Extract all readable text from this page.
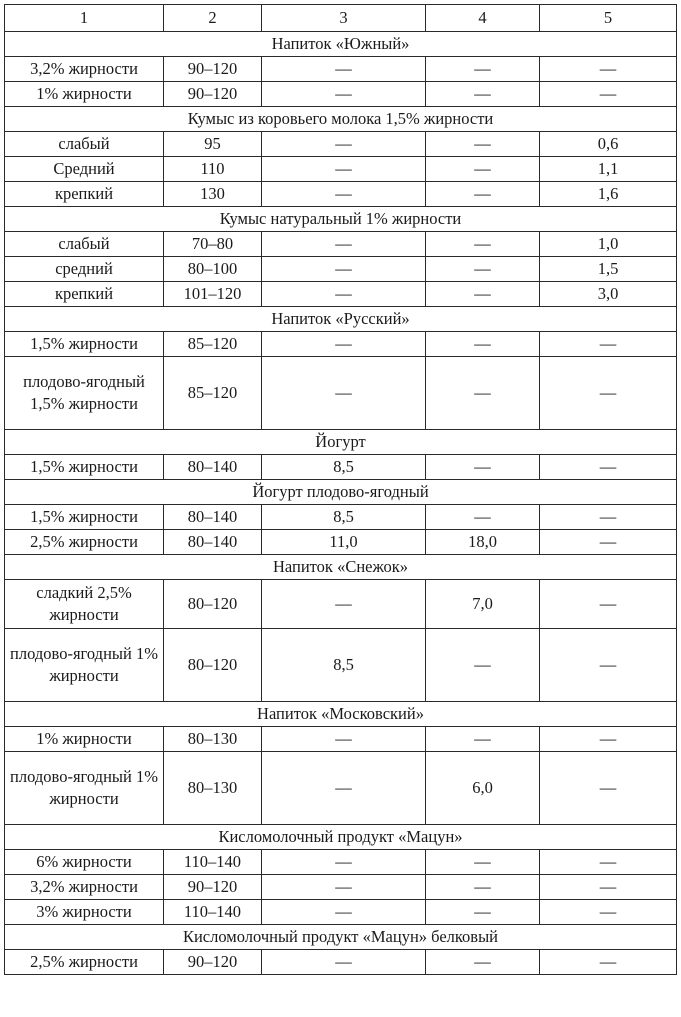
1	2	3	4	5
Напиток «Южный»				
3,2% жирности	90–120	—	—	—
1% жирности	90–120	—	—	—
Кумыс из коровьего молока 1,5% жирности				
слабый	95	—	—	0,6
Средний	110	—	—	1,1
крепкий	130	—	—	1,6
Кумыс натуральный 1% жирности				
слабый	70–80	—	—	1,0
средний	80–100	—	—	1,5
крепкий	101–120	—	—	3,0
Напиток «Русский»				
1,5% жирности	85–120	—	—	—
плодово-ягодный 1,5% жирности	85–120	—	—	—
Йогурт				
1,5% жирности	80–140	8,5	—	—
Йогурт плодово-ягодный				
1,5% жирности	80–140	8,5	—	—
2,5% жирности	80–140	11,0	18,0	—
Напиток «Снежок»				
сладкий 2,5% жирности	80–120	—	7,0	—
плодово-ягодный 1% жирности	80–120	8,5	—	—
Напиток «Московский»				
1% жирности	80–130	—	—	—
плодово-ягодный 1% жирности	80–130	—	6,0	—
Кисломолочный продукт «Мацун»				
6% жирности	110–140	—	—	—
3,2% жирности	90–120	—	—	—
3% жирности	110–140	—	—	—
Кисломолочный продукт «Мацун» белковый				
2,5% жирности	90–120	—	—	—
